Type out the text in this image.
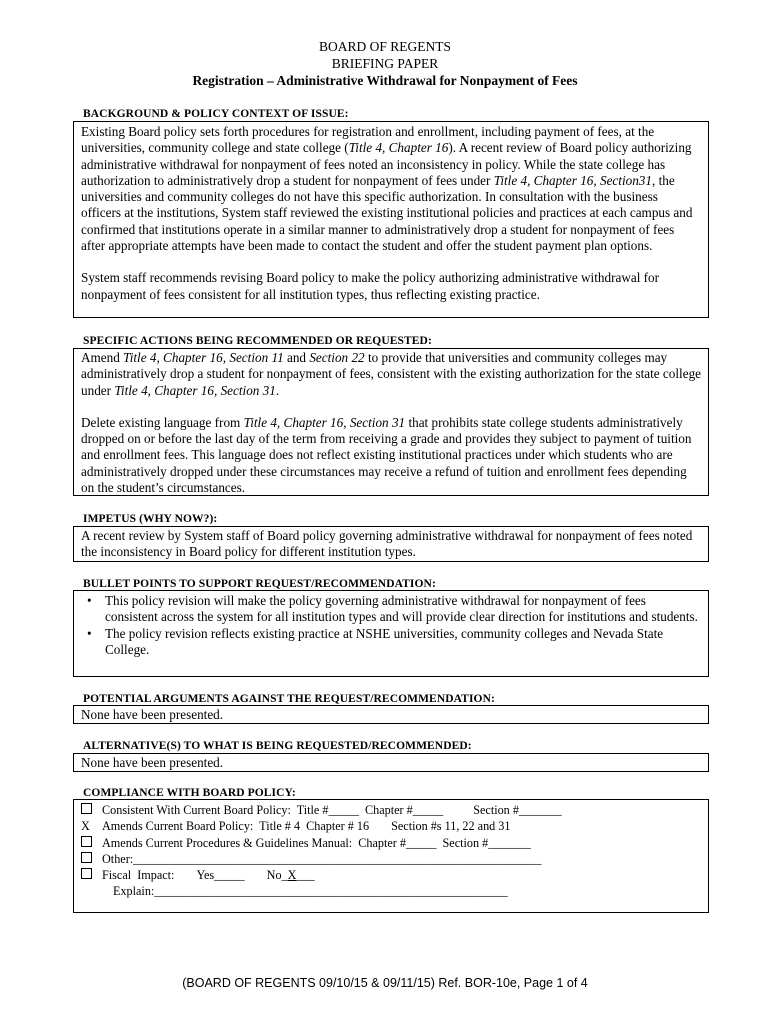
BOARD OF REGENTS
BRIEFING PAPER
Registration – Administrative Withdrawal for Nonpayment of Fees
BACKGROUND & POLICY CONTEXT OF ISSUE:

Existing Board policy sets forth procedures for registration and enrollment, including payment of fees, at the universities, community college and state college (Title 4, Chapter 16). A recent review of Board policy authorizing administrative withdrawal for nonpayment of fees noted an inconsistency in policy. While the state college has authorization to administratively drop a student for nonpayment of fees under Title 4, Chapter 16, Section31, the universities and community colleges do not have this specific authorization. In consultation with the business officers at the institutions, System staff reviewed the existing institutional policies and practices at each campus and confirmed that institutions operate in a similar manner to administratively drop a student for nonpayment of fees after appropriate attempts have been made to contact the student and offer the student payment plan options.

System staff recommends revising Board policy to make the policy authorizing administrative withdrawal for nonpayment of fees consistent for all institution types, thus reflecting existing practice.

SPECIFIC ACTIONS BEING RECOMMENDED OR REQUESTED:

Amend Title 4, Chapter 16, Section 11 and Section 22 to provide that universities and community colleges may administratively drop a student for nonpayment of fees, consistent with the existing authorization for the state college under Title 4, Chapter 16, Section 31.

Delete existing language from Title 4, Chapter 16, Section 31 that prohibits state college students administratively dropped on or before the last day of the term from receiving a grade and provides they subject to payment of tuition and enrollment fees. This language does not reflect existing institutional practices under which students who are administratively dropped under these circumstances may receive a refund of tuition and enrollment fees depending on the student’s circumstances.

IMPETUS (WHY NOW?):

A recent review by System staff of Board policy governing administrative withdrawal for nonpayment of fees noted the inconsistency in Board policy for different institution types.

BULLET POINTS TO SUPPORT REQUEST/RECOMMENDATION:
• This policy revision will make the policy governing administrative withdrawal for nonpayment of fees consistent across the system for all institution types and will provide clear direction for institutions and students.
• The policy revision reflects existing practice at NSHE universities, community colleges and Nevada State College.
POTENTIAL ARGUMENTS AGAINST THE REQUEST/RECOMMENDATION:

None have been presented.

ALTERNATIVE(S) TO WHAT IS BEING REQUESTED/RECOMMENDED:

None have been presented.

COMPLIANCE WITH BOARD POLICY:
Consistent With Current Board Policy:  Title #_____  Chapter #_____ Section #_______
X Amends Current Board Policy:  Title # 4  Chapter # 16 Section #s 11, 22 and 31
Amends Current Procedures & Guidelines Manual:  Chapter #_____  Section #_______
Other:___________________________________________________________________
Fiscal  Impact: Yes_____ No_X___
Explain:__________________________________________________________
(BOARD OF REGENTS 09/10/15 & 09/11/15) Ref. BOR-10e, Page 1 of 4
